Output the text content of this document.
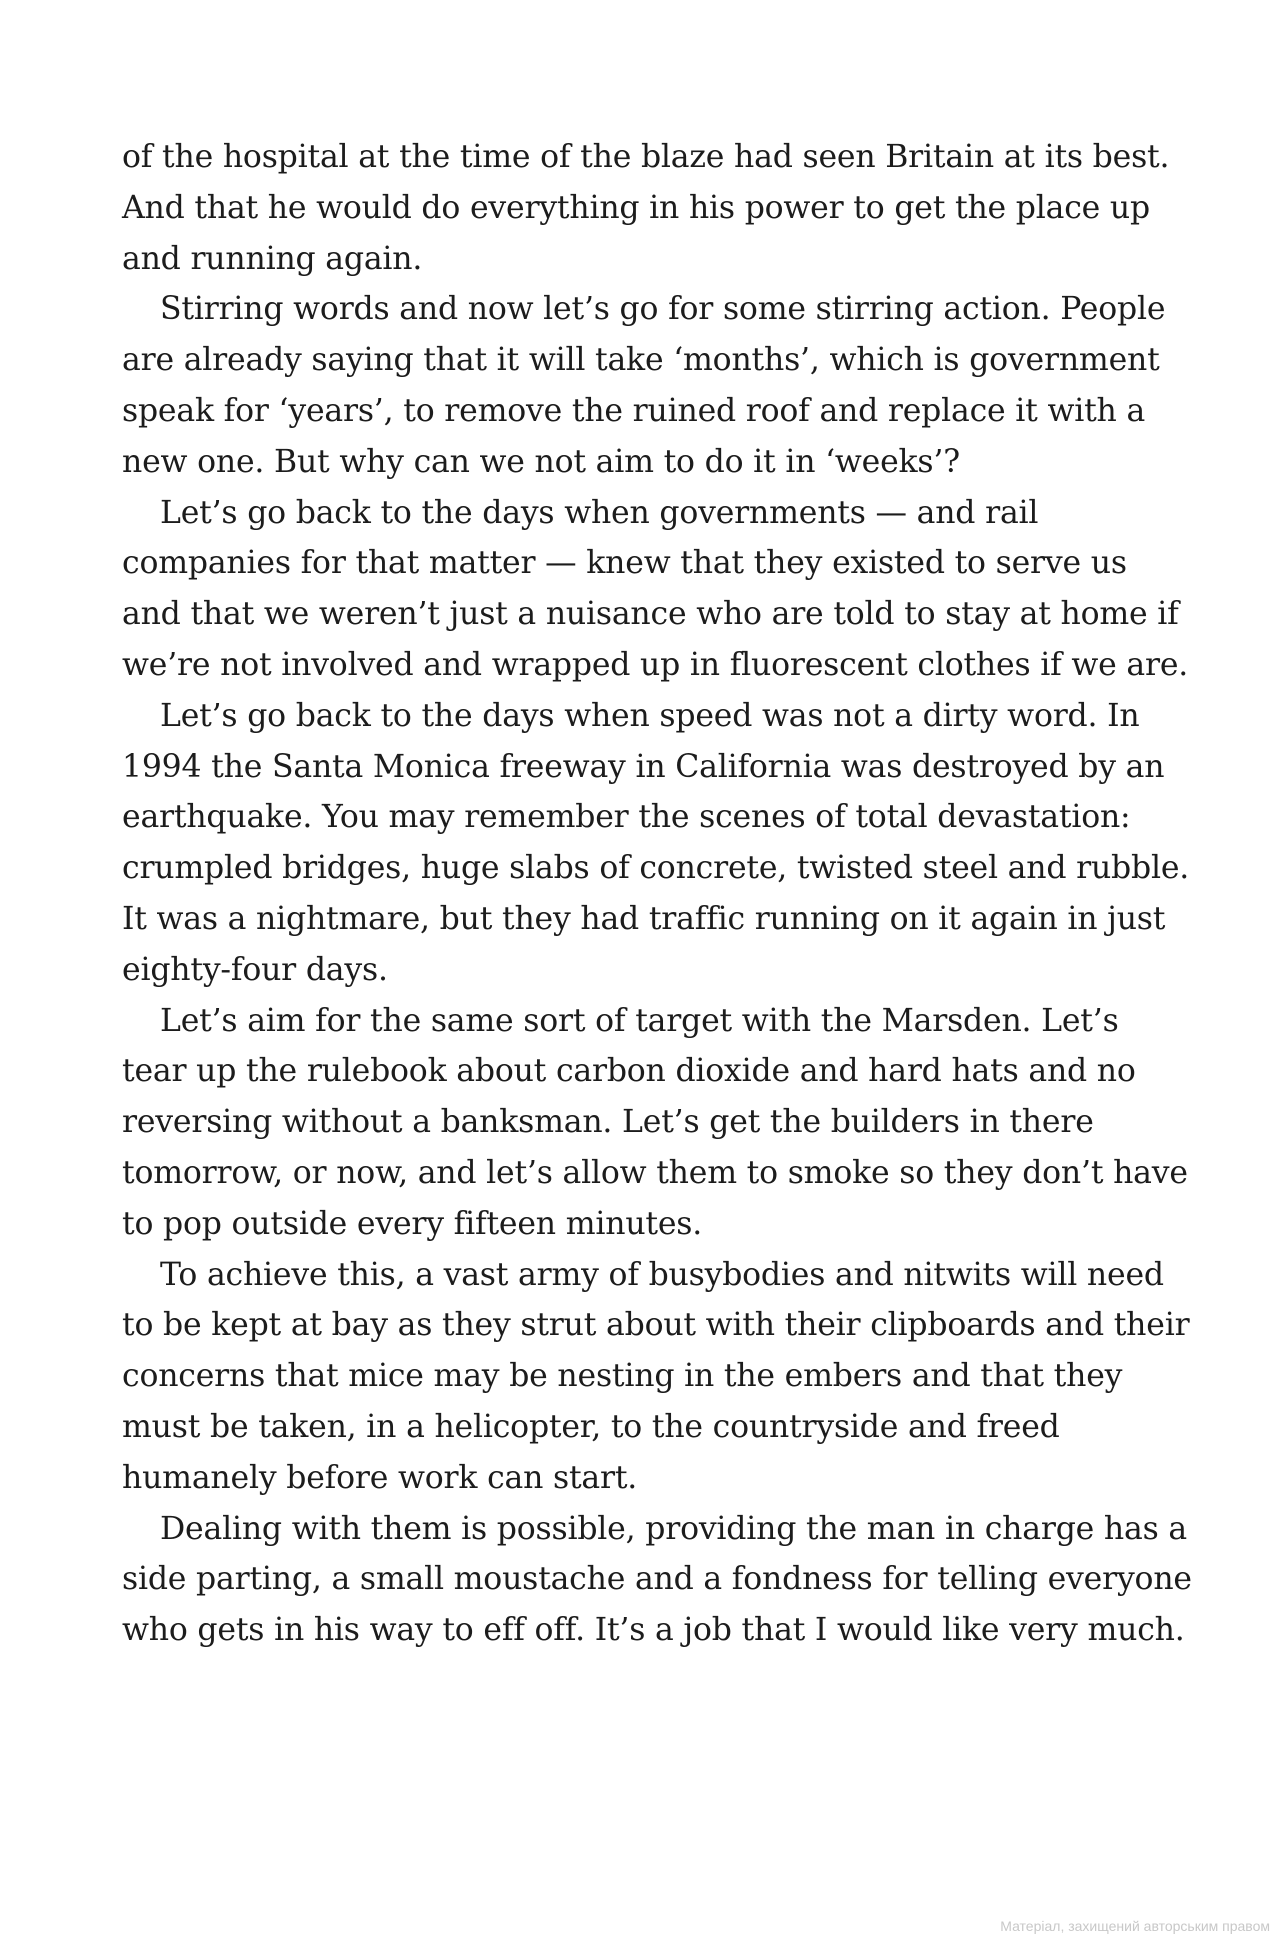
of the hospital at the time of the blaze had seen Britain at its best. And that he would do everything in his power to get the place up and running again.

Stirring words and now let’s go for some stirring action. People are already saying that it will take ‘months’, which is government speak for ‘years’, to remove the ruined roof and replace it with a new one. But why can we not aim to do it in ‘weeks’?

Let’s go back to the days when governments — and rail companies for that matter — knew that they existed to serve us and that we weren’t just a nuisance who are told to stay at home if we’re not involved and wrapped up in fluorescent clothes if we are.

Let’s go back to the days when speed was not a dirty word. In 1994 the Santa Monica freeway in California was destroyed by an earthquake. You may remember the scenes of total devastation: crumpled bridges, huge slabs of concrete, twisted steel and rubble. It was a nightmare, but they had traffic running on it again in just eighty-four days.

Let’s aim for the same sort of target with the Marsden. Let’s tear up the rulebook about carbon dioxide and hard hats and no reversing without a banksman. Let’s get the builders in there tomorrow, or now, and let’s allow them to smoke so they don’t have to pop outside every fifteen minutes.

To achieve this, a vast army of busybodies and nitwits will need to be kept at bay as they strut about with their clipboards and their concerns that mice may be nesting in the embers and that they must be taken, in a helicopter, to the countryside and freed humanely before work can start.

Dealing with them is possible, providing the man in charge has a side parting, a small moustache and a fondness for telling everyone who gets in his way to eff off. It’s a job that I would like very much.

Матеріал, захищений авторським правом
